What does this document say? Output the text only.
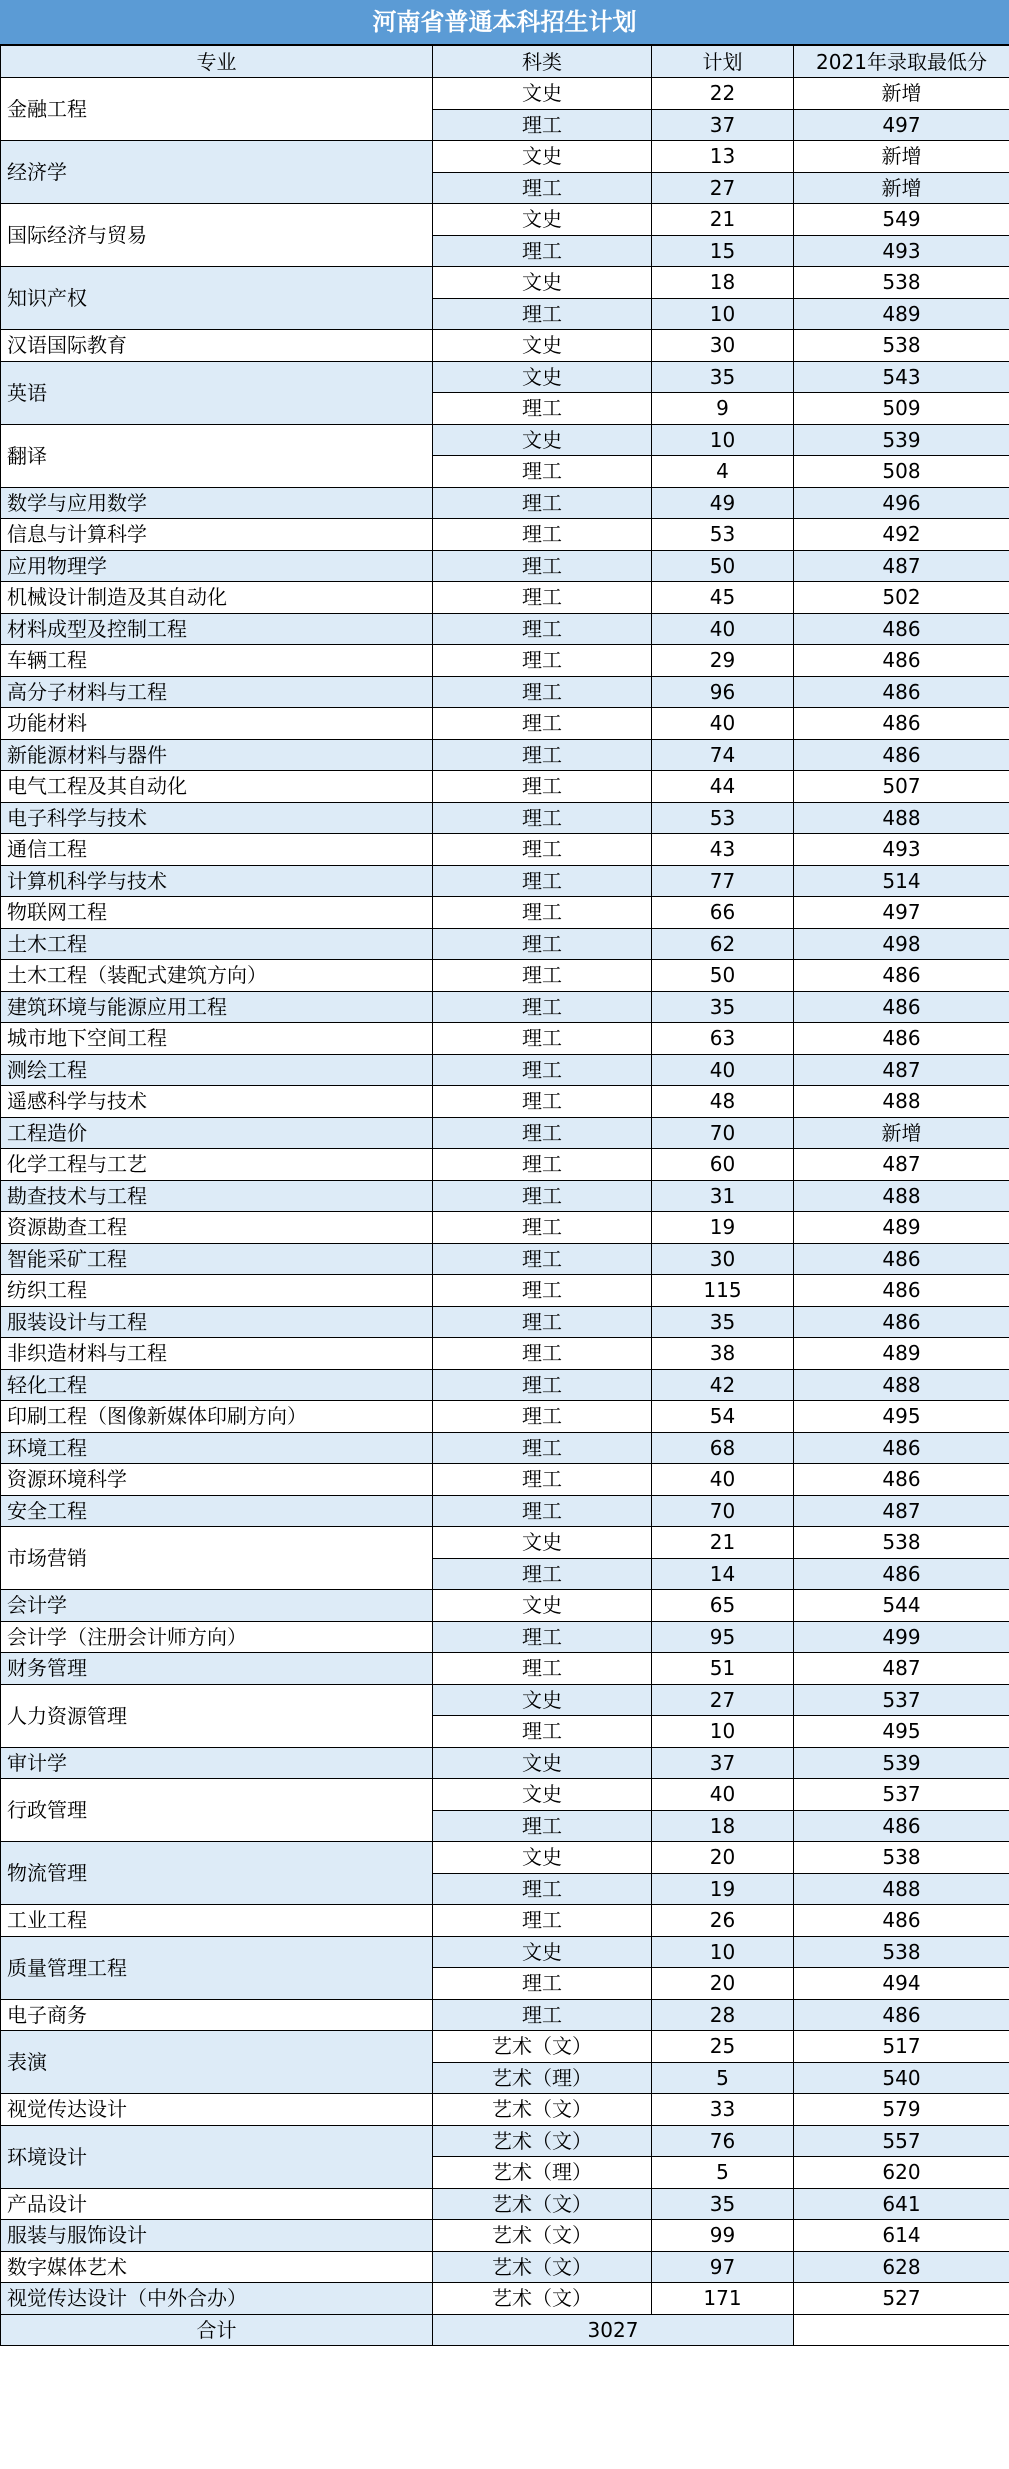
河南省普通本科招生计划
专业	科类	计划	2021年录取最低分
金融工程	文史	22	新增
	理工	37	497
经济学	文史	13	新增
	理工	27	新增
国际经济与贸易	文史	21	549
	理工	15	493
知识产权	文史	18	538
	理工	10	489
汉语国际教育	文史	30	538
英语	文史	35	543
	理工	9	509
翻译	文史	10	539
	理工	4	508
数学与应用数学	理工	49	496
信息与计算科学	理工	53	492
应用物理学	理工	50	487
机械设计制造及其自动化	理工	45	502
材料成型及控制工程	理工	40	486
车辆工程	理工	29	486
高分子材料与工程	理工	96	486
功能材料	理工	40	486
新能源材料与器件	理工	74	486
电气工程及其自动化	理工	44	507
电子科学与技术	理工	53	488
通信工程	理工	43	493
计算机科学与技术	理工	77	514
物联网工程	理工	66	497
土木工程	理工	62	498
土木工程（装配式建筑方向）	理工	50	486
建筑环境与能源应用工程	理工	35	486
城市地下空间工程	理工	63	486
测绘工程	理工	40	487
遥感科学与技术	理工	48	488
工程造价	理工	70	新增
化学工程与工艺	理工	60	487
勘查技术与工程	理工	31	488
资源勘查工程	理工	19	489
智能采矿工程	理工	30	486
纺织工程	理工	115	486
服装设计与工程	理工	35	486
非织造材料与工程	理工	38	489
轻化工程	理工	42	488
印刷工程（图像新媒体印刷方向）	理工	54	495
环境工程	理工	68	486
资源环境科学	理工	40	486
安全工程	理工	70	487
市场营销	文史	21	538
	理工	14	486
会计学	文史	65	544
会计学（注册会计师方向）	理工	95	499
财务管理	理工	51	487
人力资源管理	文史	27	537
	理工	10	495
审计学	文史	37	539
行政管理	文史	40	537
	理工	18	486
物流管理	文史	20	538
	理工	19	488
工业工程	理工	26	486
质量管理工程	文史	10	538
	理工	20	494
电子商务	理工	28	486
表演	艺术（文）	25	517
	艺术（理）	5	540
视觉传达设计	艺术（文）	33	579
环境设计	艺术（文）	76	557
	艺术（理）	5	620
产品设计	艺术（文）	35	641
服装与服饰设计	艺术（文）	99	614
数字媒体艺术	艺术（文）	97	628
视觉传达设计（中外合办）	艺术（文）	171	527
合计	3027		
